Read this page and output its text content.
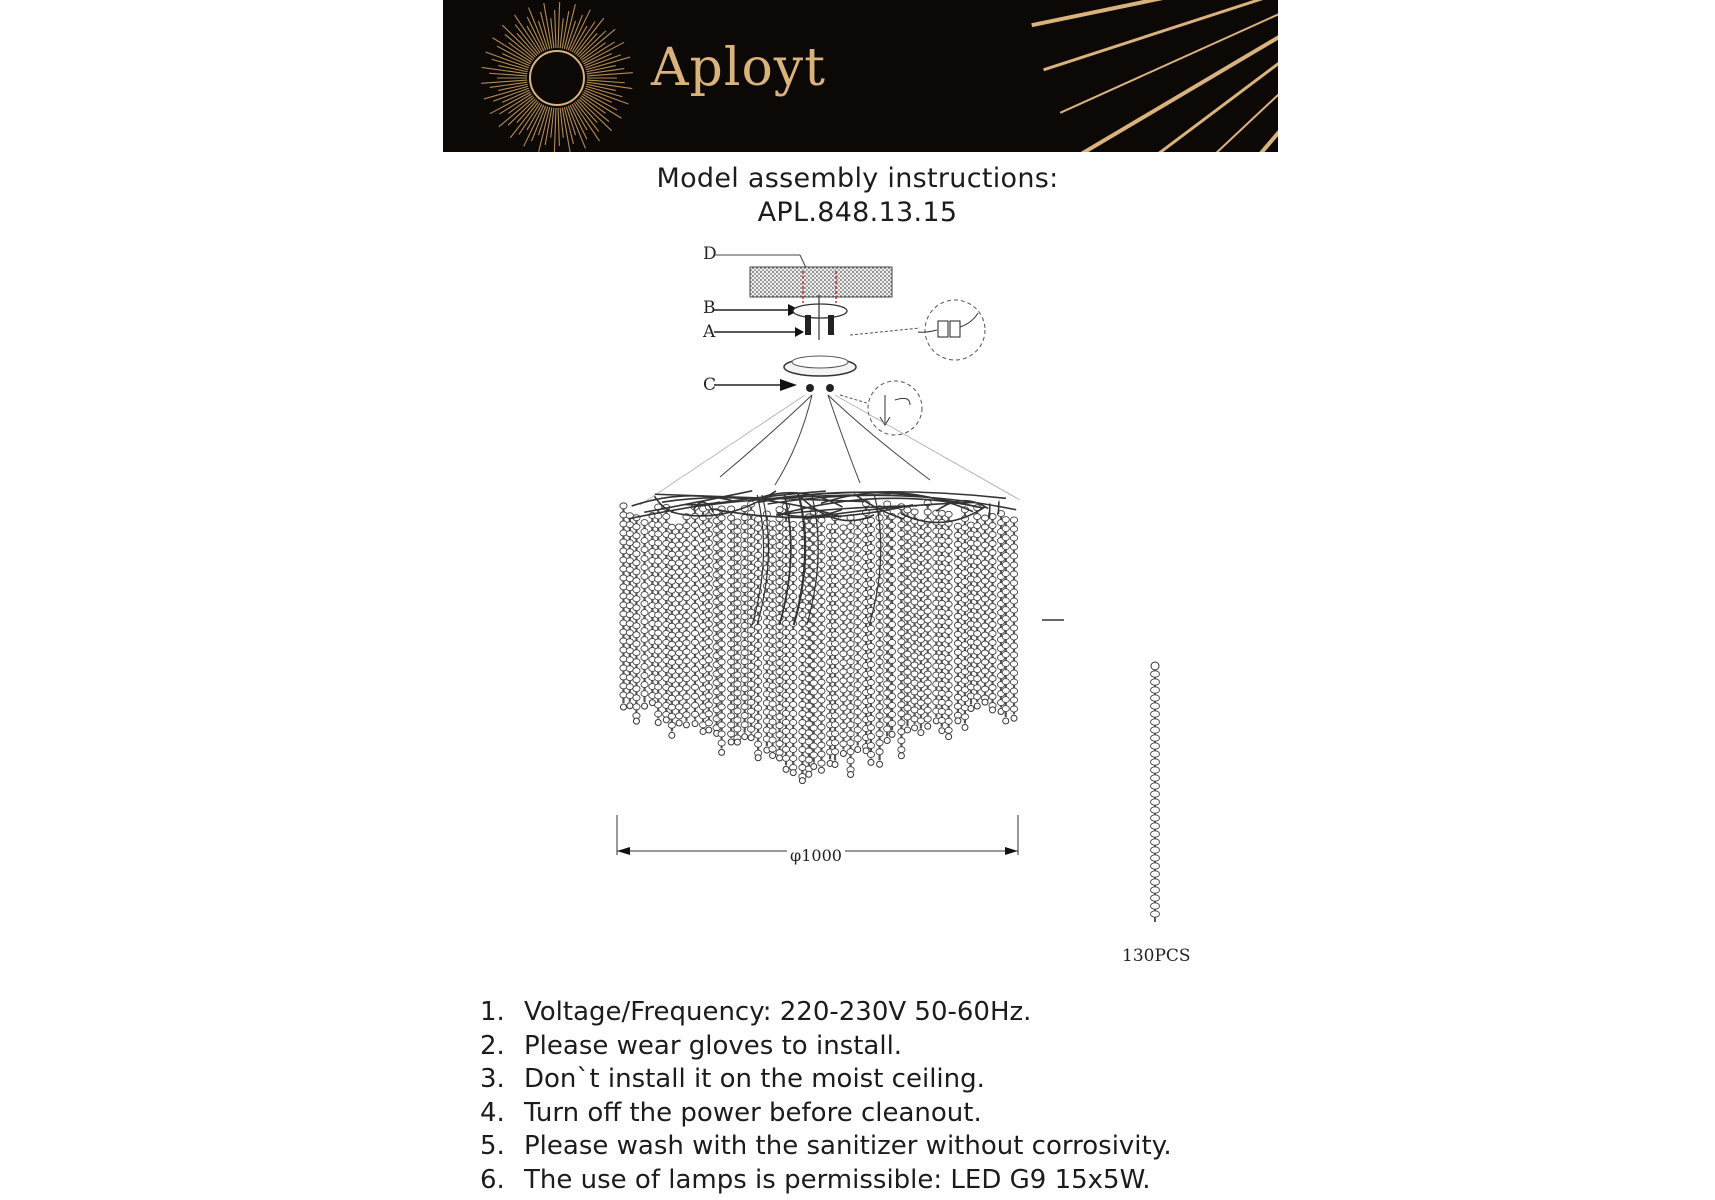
Aployt
Model assembly instructions:
APL.848.13.15
D
B
A
C
φ1000
130PCS
1. Voltage/Frequency: 220-230V 50-60Hz.
2. Please wear gloves to install.
3. Don`t install it on the moist ceiling.
4. Turn off the power before cleanout.
5. Please wash with the sanitizer without corrosivity.
6. The use of lamps is permissible: LED G9 15x5W.
